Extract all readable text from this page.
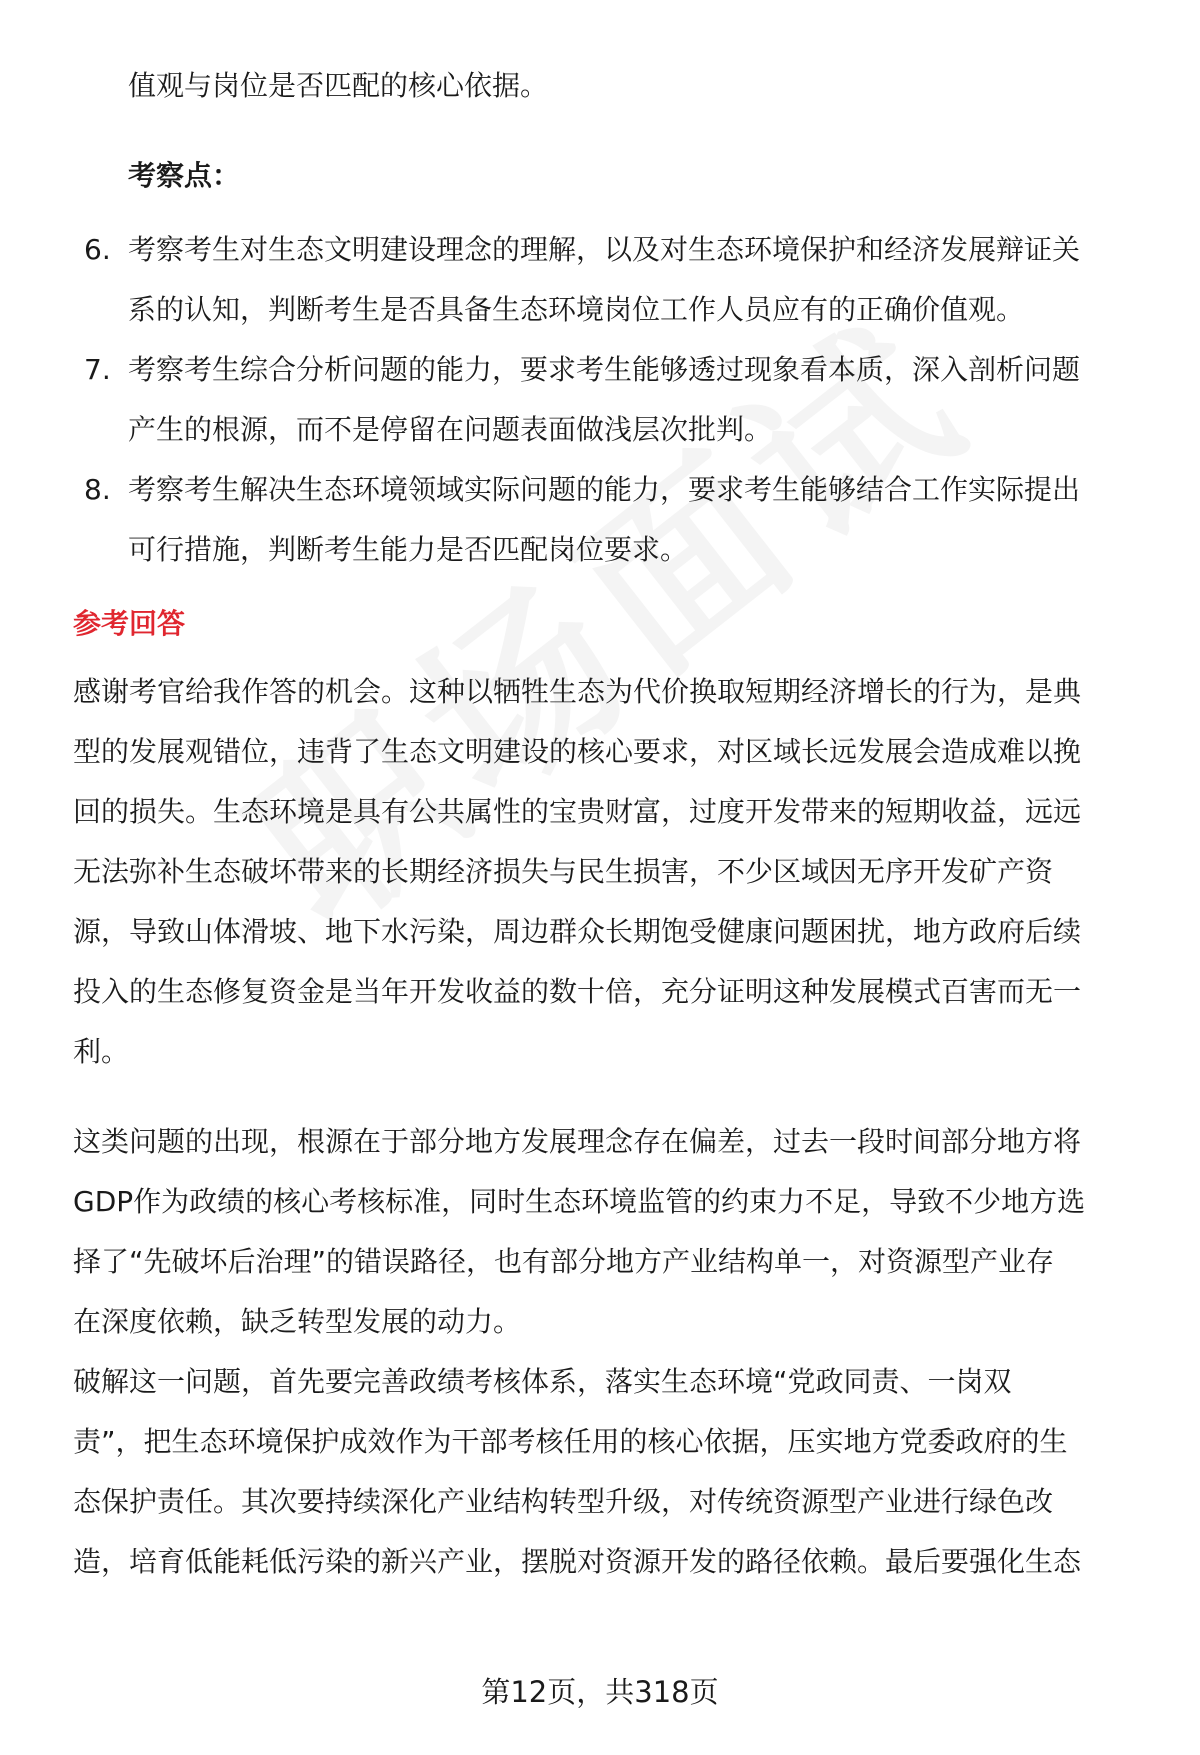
值观与岗位是否匹配的核心依据。

考察点：

6. 考察考生对生态文明建设理念的理解，以及对生态环境保护和经济发展辩证关
系的认知，判断考生是否具备生态环境岗位工作人员应有的正确价值观。
7. 考察考生综合分析问题的能力，要求考生能够透过现象看本质，深入剖析问题
产生的根源，而不是停留在问题表面做浅层次批判。
8. 考察考生解决生态环境领域实际问题的能力，要求考生能够结合工作实际提出
可行措施，判断考生能力是否匹配岗位要求。

参考回答

感谢考官给我作答的机会。这种以牺牲生态为代价换取短期经济增长的行为，是典
型的发展观错位，违背了生态文明建设的核心要求，对区域长远发展会造成难以挽
回的损失。生态环境是具有公共属性的宝贵财富，过度开发带来的短期收益，远远
无法弥补生态破坏带来的长期经济损失与民生损害，不少区域因无序开发矿产资
源，导致山体滑坡、地下水污染，周边群众长期饱受健康问题困扰，地方政府后续
投入的生态修复资金是当年开发收益的数十倍，充分证明这种发展模式百害而无一
利。
这类问题的出现，根源在于部分地方发展理念存在偏差，过去一段时间部分地方将
GDP作为政绩的核心考核标准，同时生态环境监管的约束力不足，导致不少地方选
择了“先破坏后治理”的错误路径，也有部分地方产业结构单一，对资源型产业存
在深度依赖，缺乏转型发展的动力。
破解这一问题，首先要完善政绩考核体系，落实生态环境“党政同责、一岗双
责”，把生态环境保护成效作为干部考核任用的核心依据，压实地方党委政府的生
态保护责任。其次要持续深化产业结构转型升级，对传统资源型产业进行绿色改
造，培育低能耗低污染的新兴产业，摆脱对资源开发的路径依赖。最后要强化生态
第12页，共318页
